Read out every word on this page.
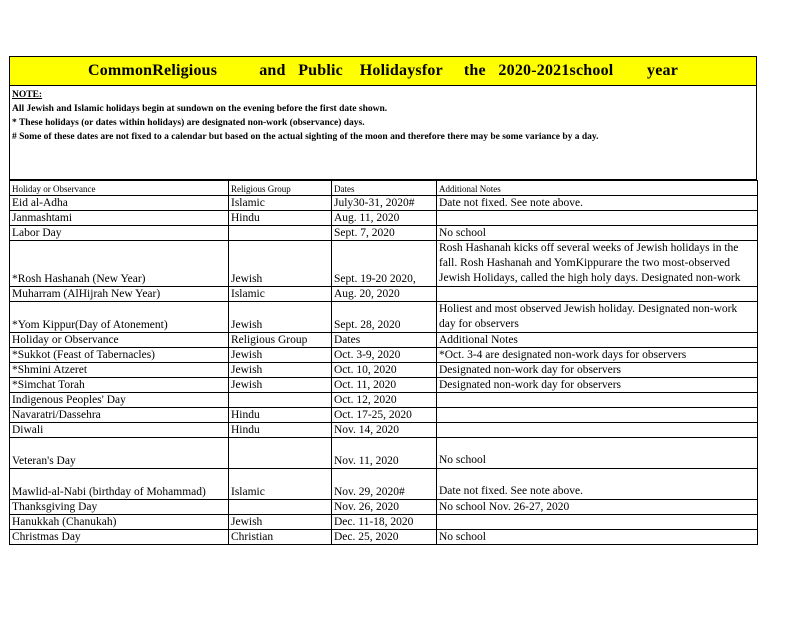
CommonReligious
	and
Public
Holidaysfor
the
2020-2021school
year
NOTE:
All Jewish and Islamic holidays begin at sundown on the evening before the first date shown.
* These holidays (or dates within holidays) are designated non-work (observance) days.
# Some of these dates are not fixed to a calendar but based on the actual sighting of the moon and therefore there may be some variance by a day.
Holiday or Observance	Religious Group	Dates	Additional Notes
Eid al-Adha	Islamic	July30-31, 2020#	Date not fixed. See note above.
Janmashtami	Hindu	Aug. 11, 2020	
Labor Day		Sept. 7, 2020	No school
*Rosh Hashanah (New Year)	Jewish	Sept. 19-20 2020,	Rosh Hashanah kicks off several weeks of Jewish holidays in the fall. Rosh Hashanah and YomKippurare the two most-observed Jewish Holidays, called the high holy days. Designated non-work
Muharram (AlHijrah New Year)	Islamic	Aug. 20, 2020	
*Yom Kippur(Day of Atonement)	Jewish	Sept. 28, 2020	Holiest and most observed Jewish holiday. Designated non-work day for observers
Holiday or Observance	Religious Group	Dates	Additional Notes
*Sukkot (Feast of Tabernacles)	Jewish	Oct. 3-9, 2020	*Oct. 3-4 are designated non-work days for observers
*Shmini Atzeret	Jewish	Oct. 10, 2020	Designated non-work day for observers
*Simchat Torah	Jewish	Oct. 11, 2020	Designated non-work day for observers
Indigenous Peoples' Day		Oct. 12, 2020	
Navaratri/Dassehra	Hindu	Oct. 17-25, 2020	
Diwali	Hindu	Nov. 14, 2020	
Veteran's Day		Nov. 11, 2020	No school
Mawlid-al-Nabi (birthday of Mohammad)	Islamic	Nov. 29, 2020#	Date not fixed. See note above.
Thanksgiving Day		Nov. 26, 2020	No school Nov. 26-27, 2020
Hanukkah (Chanukah)	Jewish	Dec. 11-18, 2020	
Christmas Day	Christian	Dec. 25, 2020	No school
